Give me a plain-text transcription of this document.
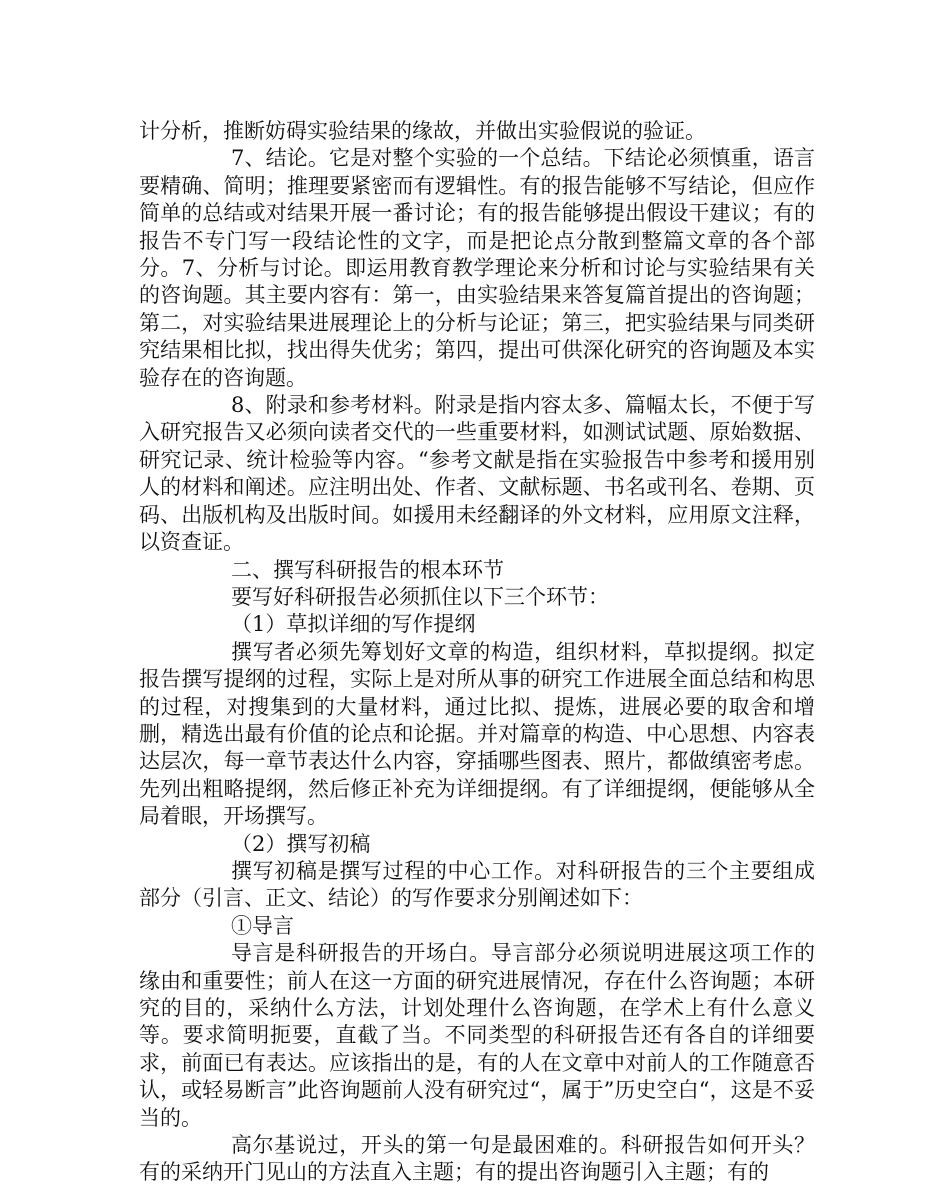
计分析，推断妨碍实验结果的缘故，并做出实验假说的验证。

7、结论。它是对整个实验的一个总结。下结论必须慎重，语言要精确、简明；推理要紧密而有逻辑性。有的报告能够不写结论，但应作简单的总结或对结果开展一番讨论；有的报告能够提出假设干建议；有的报告不专门写一段结论性的文字，而是把论点分散到整篇文章的各个部分。7、分析与讨论。即运用教育教学理论来分析和讨论与实验结果有关的咨询题。其主要内容有：第一，由实验结果来答复篇首提出的咨询题；第二，对实验结果进展理论上的分析与论证；第三，把实验结果与同类研究结果相比拟，找出得失优劣；第四，提出可供深化研究的咨询题及本实验存在的咨询题。

8、附录和参考材料。附录是指内容太多、篇幅太长，不便于写入研究报告又必须向读者交代的一些重要材料，如测试试题、原始数据、研究记录、统计检验等内容。“参考文献是指在实验报告中参考和援用别人的材料和阐述。应注明出处、作者、文献标题、书名或刊名、卷期、页码、出版机构及出版时间。如援用未经翻译的外文材料，应用原文注释，以资查证。

二、撰写科研报告的根本环节

要写好科研报告必须抓住以下三个环节：

（1）草拟详细的写作提纲

撰写者必须先筹划好文章的构造，组织材料，草拟提纲。拟定报告撰写提纲的过程，实际上是对所从事的研究工作进展全面总结和构思的过程，对搜集到的大量材料，通过比拟、提炼，进展必要的取舍和增删，精选出最有价值的论点和论据。并对篇章的构造、中心思想、内容表达层次，每一章节表达什么内容，穿插哪些图表、照片，都做缜密考虑。先列出粗略提纲，然后修正补充为详细提纲。有了详细提纲，便能够从全局着眼，开场撰写。

（2）撰写初稿

撰写初稿是撰写过程的中心工作。对科研报告的三个主要组成部分（引言、正文、结论）的写作要求分别阐述如下：

①导言

导言是科研报告的开场白。导言部分必须说明进展这项工作的缘由和重要性；前人在这一方面的研究进展情况，存在什么咨询题；本研究的目的，采纳什么方法，计划处理什么咨询题，在学术上有什么意义等。要求简明扼要，直截了当。不同类型的科研报告还有各自的详细要求，前面已有表达。应该指出的是，有的人在文章中对前人的工作随意否认，或轻易断言”此咨询题前人没有研究过“，属于”历史空白“，这是不妥当的。

高尔基说过，开头的第一句是最困难的。科研报告如何开头？有的采纳开门见山的方法直入主题；有的提出咨询题引入主题；有的
